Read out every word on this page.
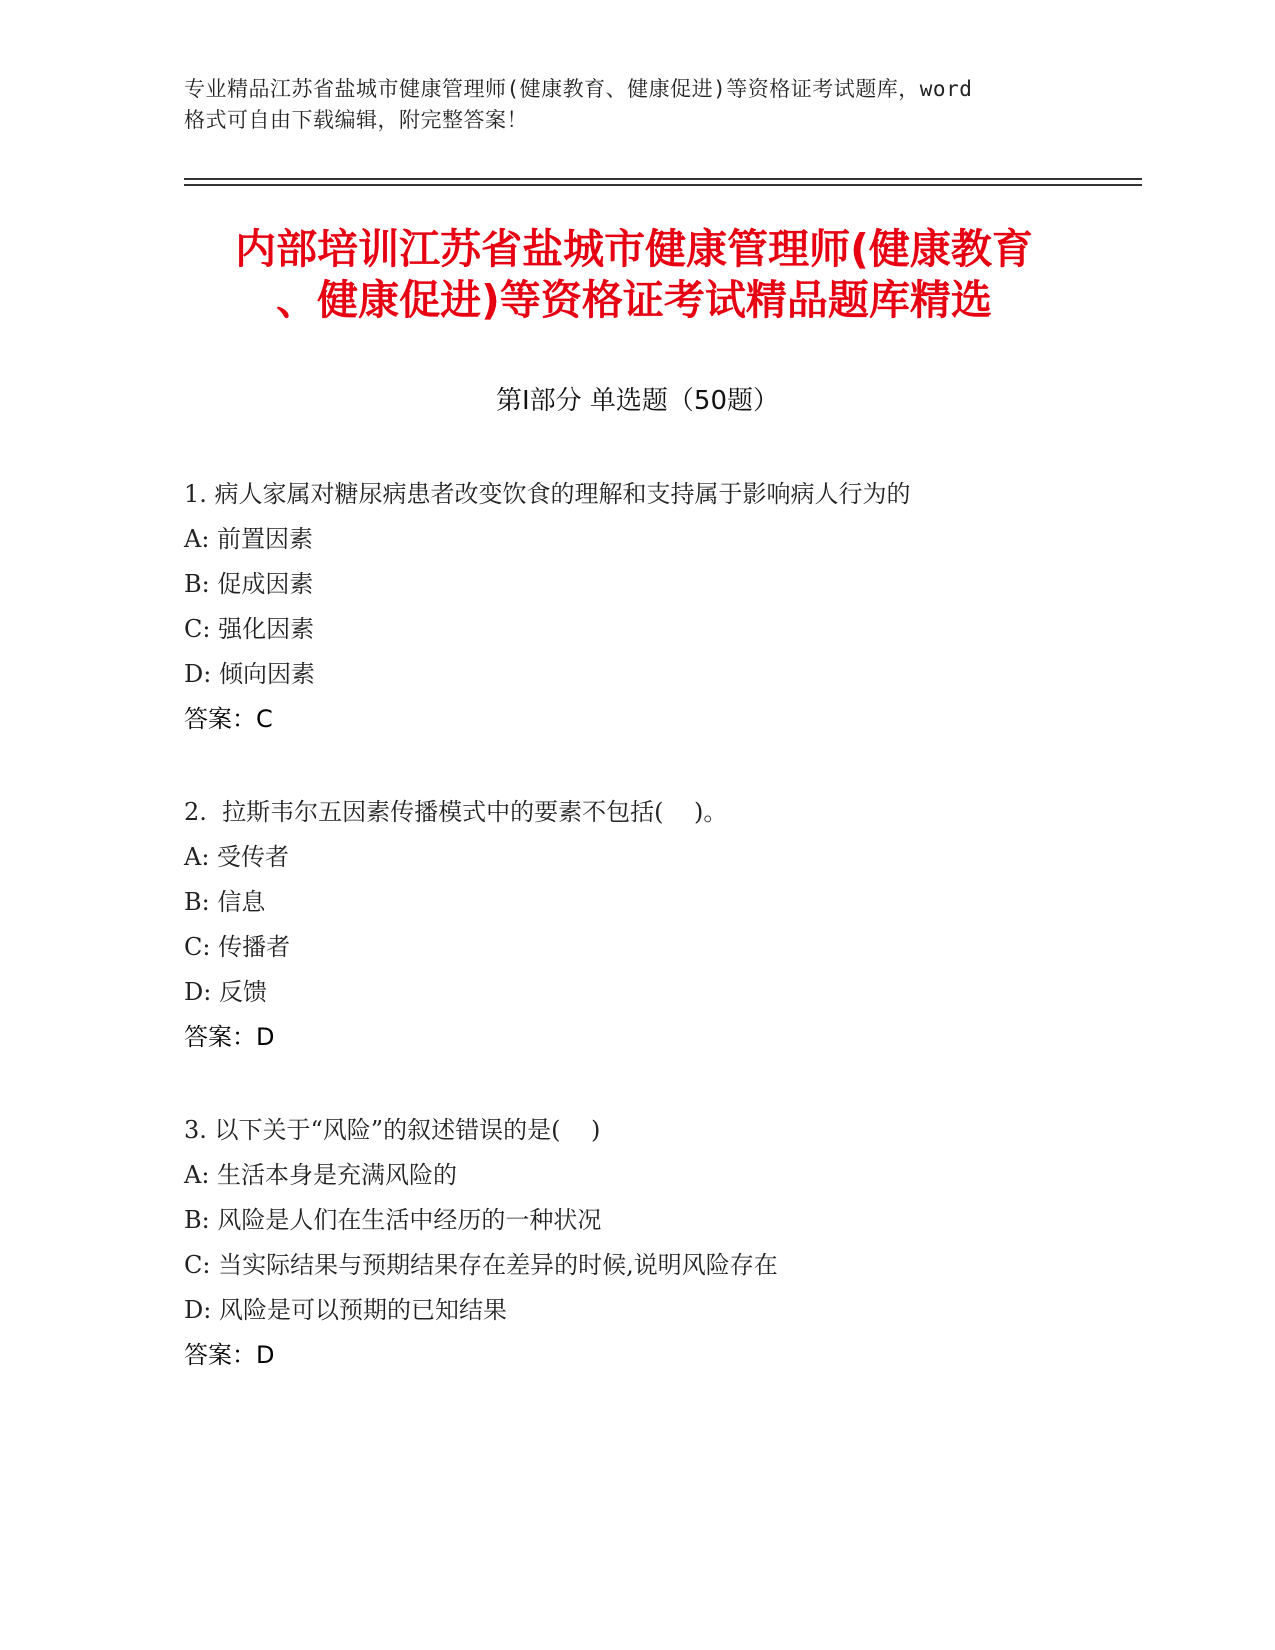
专业精品江苏省盐城市健康管理师(健康教育、健康促进)等资格证考试题库，word
格式可自由下载编辑，附完整答案！
内部培训江苏省盐城市健康管理师(健康教育
、健康促进)等资格证考试精品题库精选
第Ⅰ部分 单选题（50题）
1. 病人家属对糖尿病患者改变饮食的理解和支持属于影响病人行为的
A: 前置因素
B: 促成因素
C: 强化因素
D: 倾向因素
答案：C
2.  拉斯韦尔五因素传播模式中的要素不包括(    )。
A: 受传者
B: 信息
C: 传播者
D: 反馈
答案：D
3. 以下关于“风险”的叙述错误的是(    )
A: 生活本身是充满风险的
B: 风险是人们在生活中经历的一种状况
C: 当实际结果与预期结果存在差异的时候,说明风险存在
D: 风险是可以预期的已知结果
答案：D
